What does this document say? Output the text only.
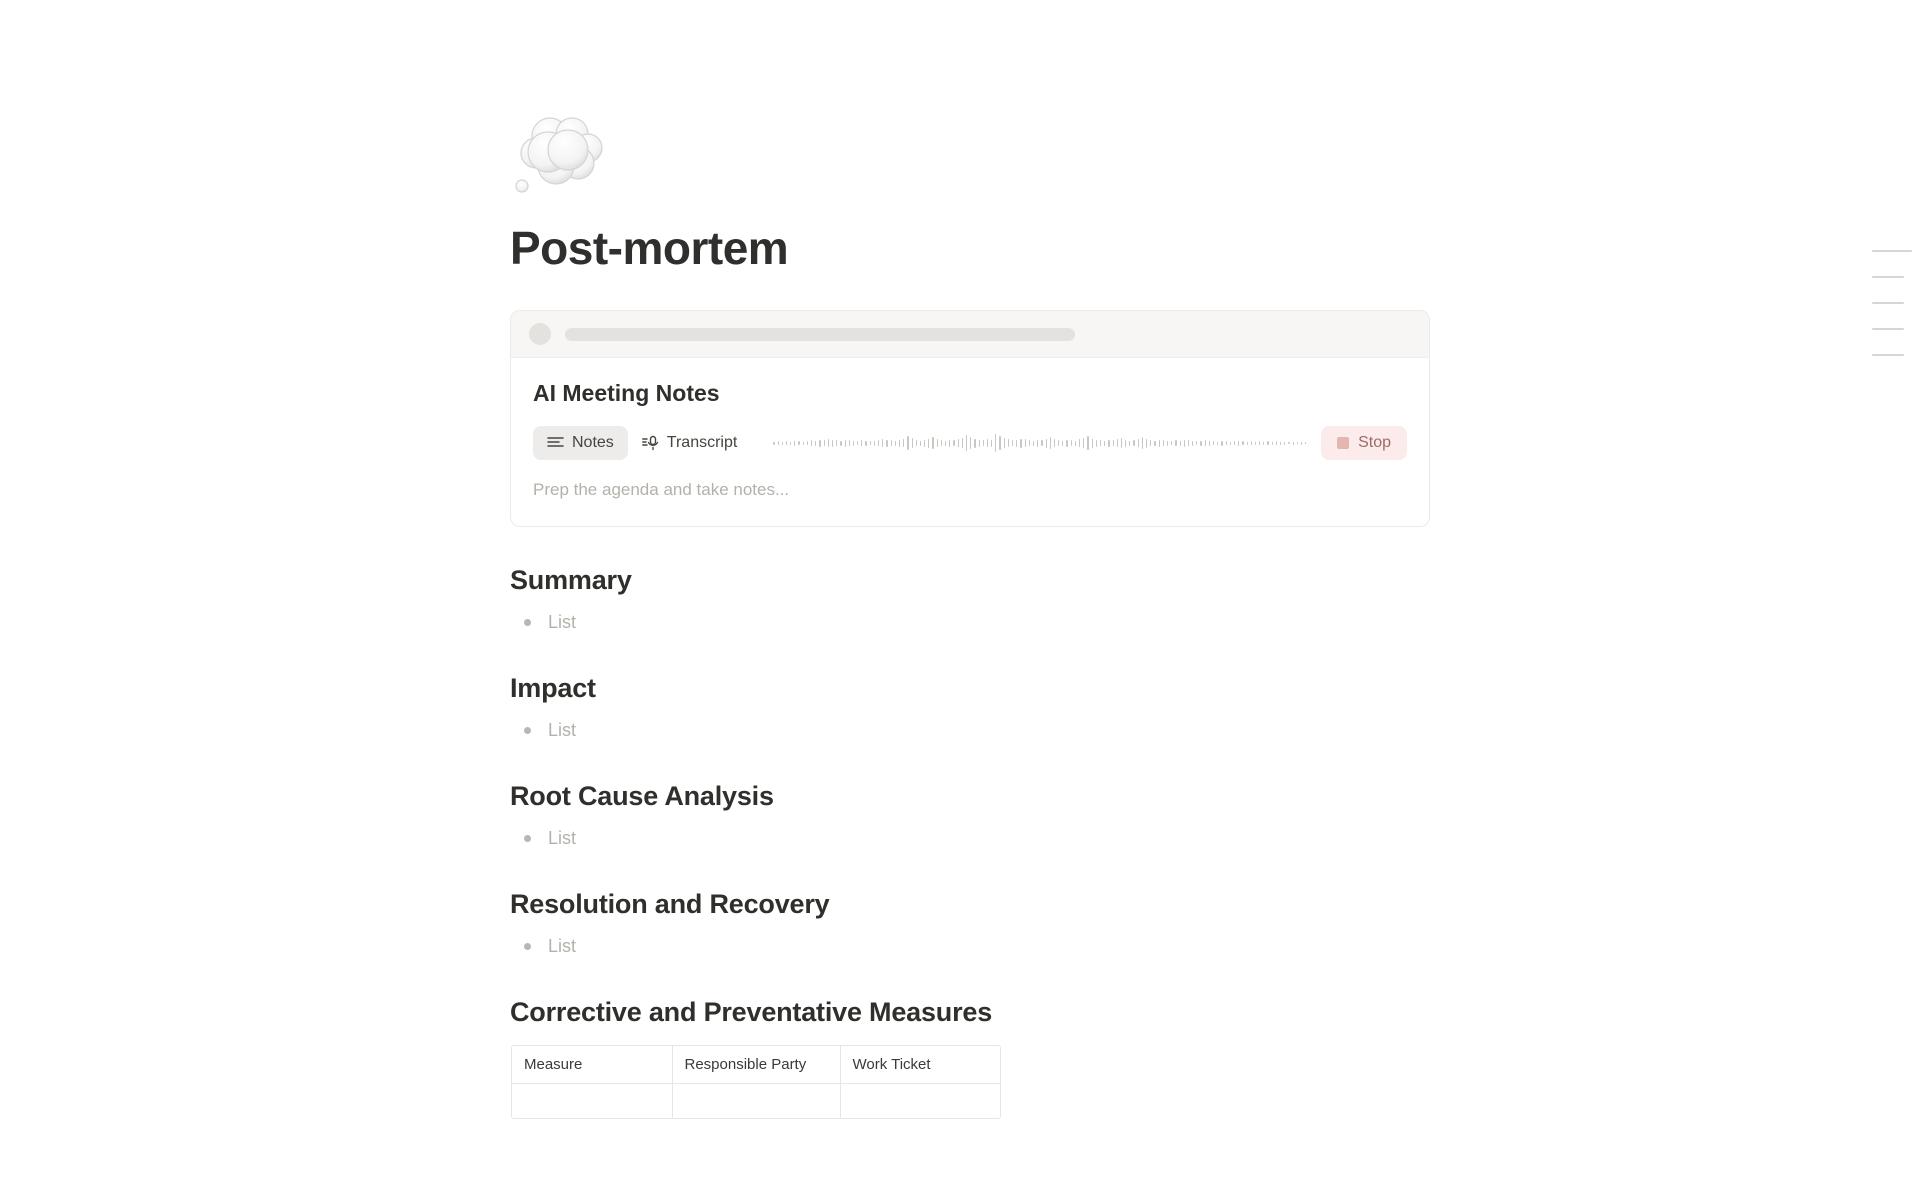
Post-mortem
AI Meeting Notes
Notes	Transcript	Stop
Prep the agenda and take notes...
Summary
List
Impact
List
Root Cause Analysis
List
Resolution and Recovery
List
Corrective and Preventative Measures
Measure	Responsible Party	Work Ticket
